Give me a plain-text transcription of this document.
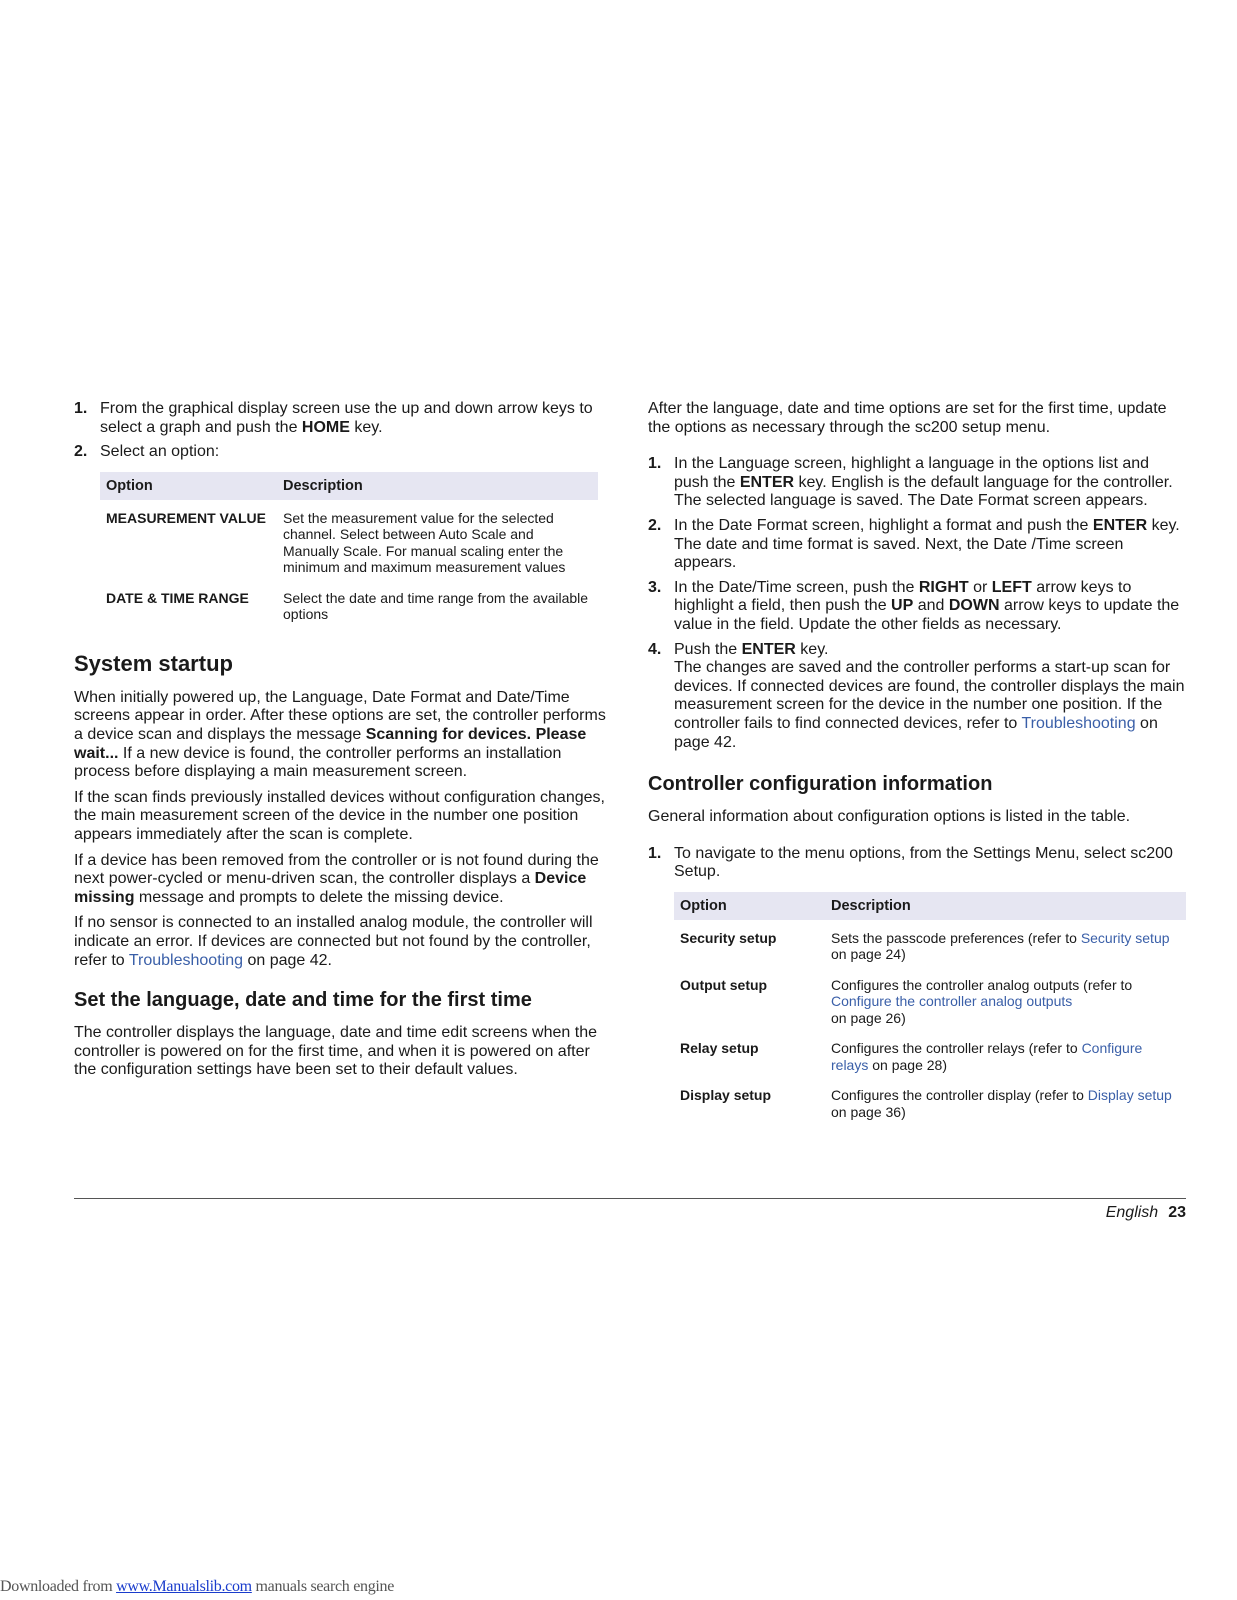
1. From the graphical display screen use the up and down arrow keys to select a graph and push the HOME key.
2. Select an option:
Option	Description
MEASUREMENT VALUE	Set the measurement value for the selected channel. Select between Auto Scale and Manually Scale. For manual scaling enter the minimum and maximum measurement values
DATE & TIME RANGE	Select the date and time range from the available options
System startup

When initially powered up, the Language, Date Format and Date/Time screens appear in order. After these options are set, the controller performs a device scan and displays the message Scanning for devices. Please wait... If a new device is found, the controller performs an installation process before displaying a main measurement screen.

If the scan finds previously installed devices without configuration changes, the main measurement screen of the device in the number one position appears immediately after the scan is complete.

If a device has been removed from the controller or is not found during the next power-cycled or menu-driven scan, the controller displays a Device missing message and prompts to delete the missing device.

If no sensor is connected to an installed analog module, the controller will indicate an error. If devices are connected but not found by the controller, refer to Troubleshooting on page 42.

Set the language, date and time for the first time

The controller displays the language, date and time edit screens when the controller is powered on for the first time, and when it is powered on after the configuration settings have been set to their default values.

After the language, date and time options are set for the first time, update the options as necessary through the sc200 setup menu.

1. In the Language screen, highlight a language in the options list and push the ENTER key. English is the default language for the controller.
The selected language is saved. The Date Format screen appears.
2. In the Date Format screen, highlight a format and push the ENTER key.
The date and time format is saved. Next, the Date /Time screen appears.
3. In the Date/Time screen, push the RIGHT or LEFT arrow keys to highlight a field, then push the UP and DOWN arrow keys to update the value in the field. Update the other fields as necessary.
4. Push the ENTER key.
The changes are saved and the controller performs a start-up scan for devices. If connected devices are found, the controller displays the main measurement screen for the device in the number one position. If the controller fails to find connected devices, refer to Troubleshooting on page 42.
Controller configuration information

General information about configuration options is listed in the table.

1. To navigate to the menu options, from the Settings Menu, select sc200 Setup.
Option	Description
Security setup	Sets the passcode preferences (refer to Security setup on page 24)
Output setup	Configures the controller analog outputs (refer to Configure the controller analog outputs
on page 26)
Relay setup	Configures the controller relays (refer to Configure relays on page 28)
Display setup	Configures the controller display (refer to Display setup on page 36)
English 23
Downloaded from www.Manualslib.com manuals search engine
